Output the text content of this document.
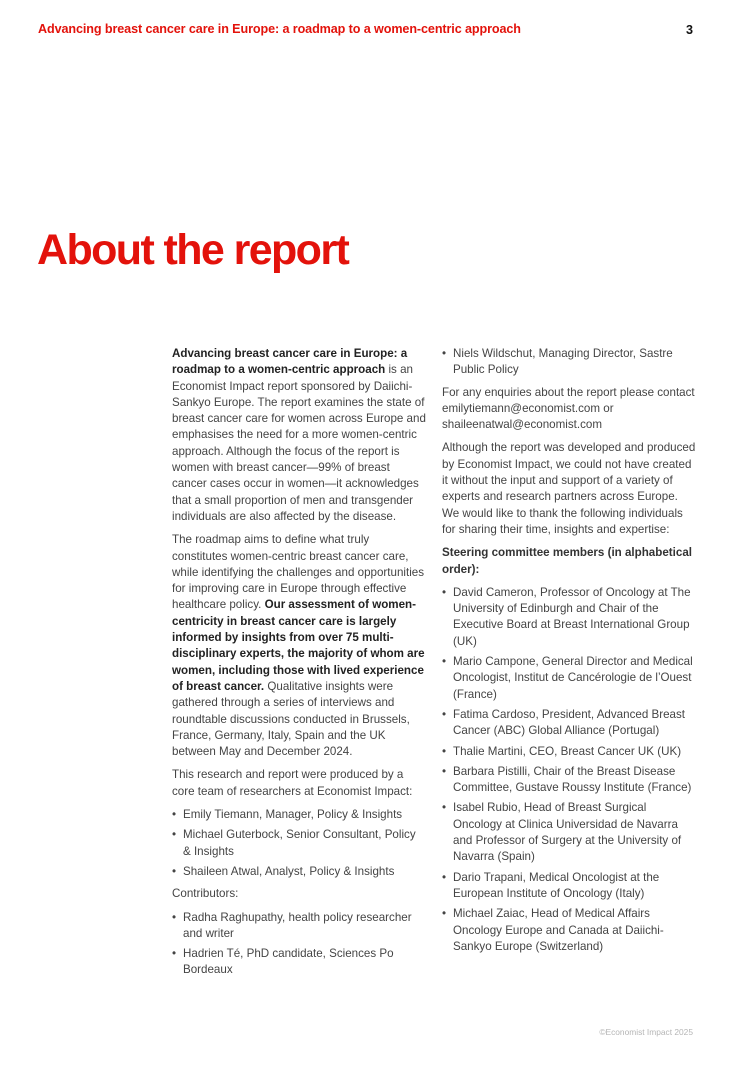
Advancing breast cancer care in Europe: a roadmap to a women-centric approach	3
About the report

Advancing breast cancer care in Europe: a roadmap to a women-centric approach is an Economist Impact report sponsored by Daiichi-Sankyo Europe. The report examines the state of breast cancer care for women across Europe and emphasises the need for a more women-centric approach. Although the focus of the report is women with breast cancer—99% of breast cancer cases occur in women—it acknowledges that a small proportion of men and transgender individuals are also affected by the disease.

The roadmap aims to define what truly constitutes women-centric breast cancer care, while identifying the challenges and opportunities for improving care in Europe through effective healthcare policy. Our assessment of women-centricity in breast cancer care is largely informed by insights from over 75 multi-disciplinary experts, the majority of whom are women, including those with lived experience of breast cancer. Qualitative insights were gathered through a series of interviews and roundtable discussions conducted in Brussels, France, Germany, Italy, Spain and the UK between May and December 2024.

This research and report were produced by a core team of researchers at Economist Impact:

• Emily Tiemann, Manager, Policy & Insights
• Michael Guterbock, Senior Consultant, Policy & Insights
• Shaileen Atwal, Analyst, Policy & Insights

Contributors:

• Radha Raghupathy, health policy researcher and writer
• Hadrien Té, PhD candidate, Sciences Po Bordeaux
• Niels Wildschut, Managing Director, Sastre Public Policy

For any enquiries about the report please contact emilytiemann@economist.com or shaileenatwal@economist.com

Although the report was developed and produced by Economist Impact, we could not have created it without the input and support of a variety of experts and research partners across Europe. We would like to thank the following individuals for sharing their time, insights and expertise:

Steering committee members (in alphabetical order):

• David Cameron, Professor of Oncology at The University of Edinburgh and Chair of the Executive Board at Breast International Group (UK)
• Mario Campone, General Director and Medical Oncologist, Institut de Cancérologie de l’Ouest (France)
• Fatima Cardoso, President, Advanced Breast Cancer (ABC) Global Alliance (Portugal)
• Thalie Martini, CEO, Breast Cancer UK (UK)
• Barbara Pistilli, Chair of the Breast Disease Committee, Gustave Roussy Institute (France)
• Isabel Rubio, Head of Breast Surgical Oncology at Clinica Universidad de Navarra and Professor of Surgery at the University of Navarra (Spain)
• Dario Trapani, Medical Oncologist at the European Institute of Oncology (Italy)
• Michael Zaiac, Head of Medical Affairs Oncology Europe and Canada at Daiichi-Sankyo Europe (Switzerland)
©Economist Impact 2025
